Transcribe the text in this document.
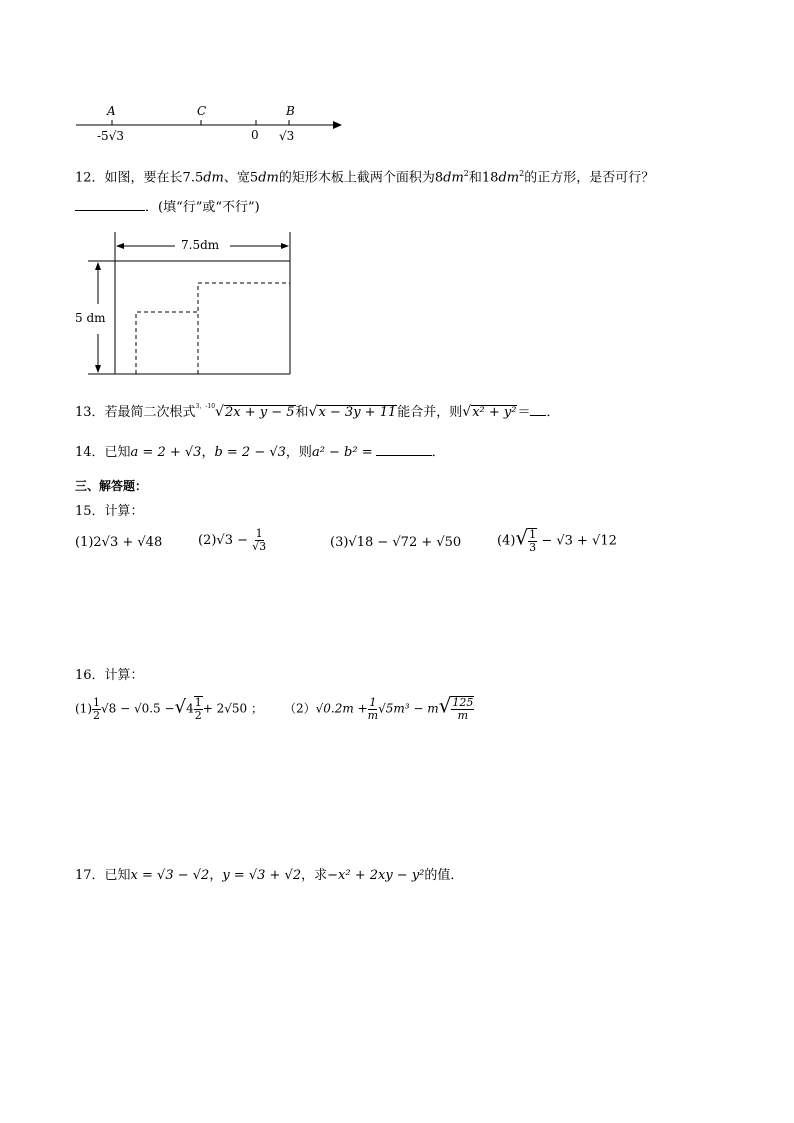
A	C	B
-5√3	0 √3
12．如图，要在长7.5dm、宽5dm的矩形木板上截两个面积为$8dm^2$和$18dm^2$的正方形，是否可行？
．(填“行”或“不行”)
7.5dm
5 dm
13．若最简二次根式$^{3,-10}$√2x + y − 5和√x − 3y + 11能合并，则√x² + y²＝ ．
14．已知a = 2 + √3，b = 2 − √3，则a² − b² =	．
三、解答题：
15．计算：
(1)2√3 + √48	$(2)√3 - \frac{1}{√3}$	(3)√18 − √72 + √50	$(4)√ \frac{1}{3} - √3 + √12$
16．计算：
$(1) \frac{1}{2} √8 - √0.5 -√4 \frac{1}{2} + 2√50$ ； $(2)√0.2m + \frac{1}{m} √5m^3 - m√ \frac{125}{m}$
17．已知x = √3 − √2，y = √3 + √2，求−x² + 2xy − y²的值．
